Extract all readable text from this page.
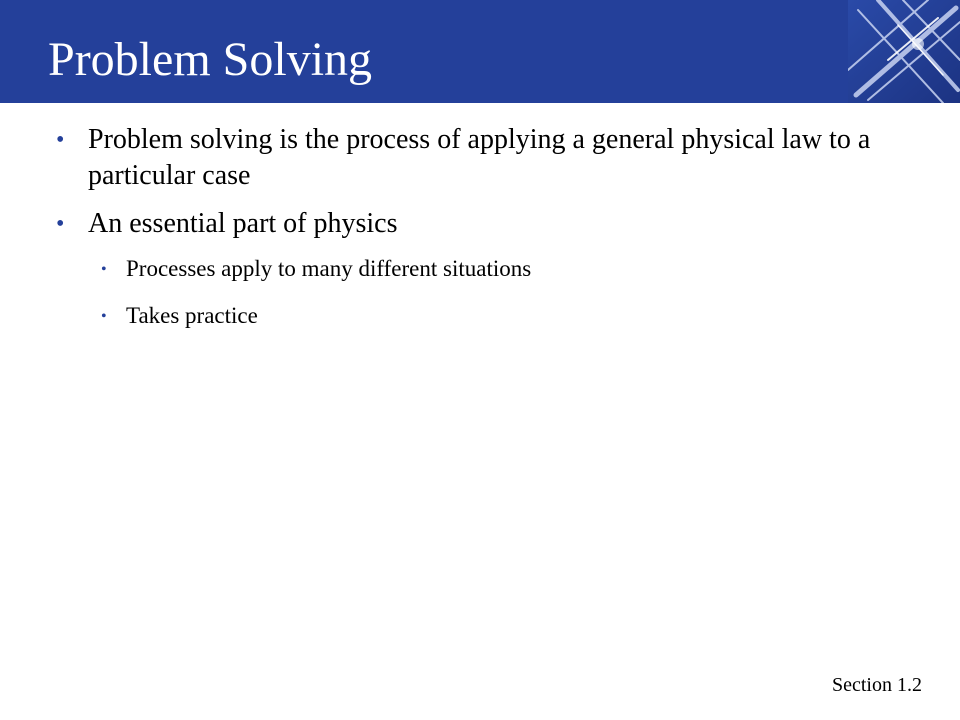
Problem Solving
• Problem solving is the process of applying a general physical law to a particular case
• An essential part of physics
• Processes apply to many different situations
• Takes practice
Section 1.2
